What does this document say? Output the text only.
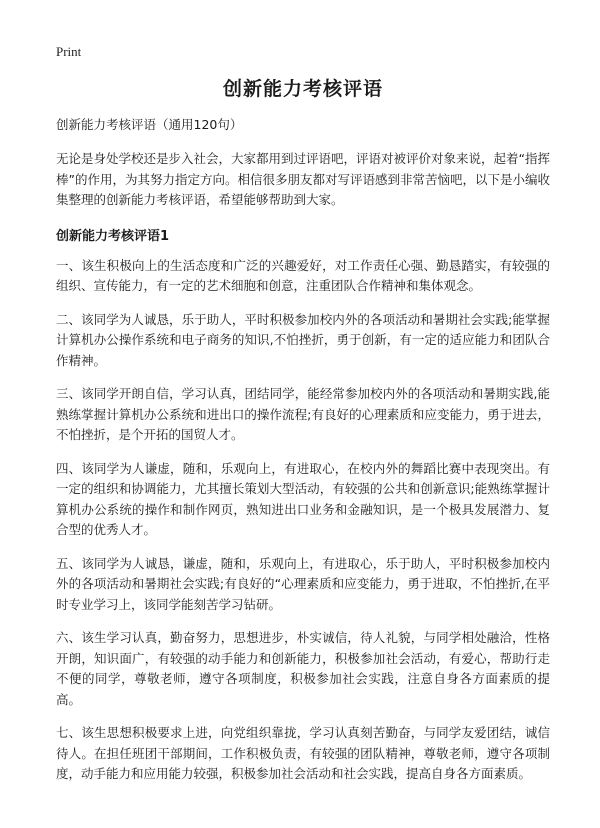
Print
创新能力考核评语
创新能力考核评语（通用120句）

无论是身处学校还是步入社会，大家都用到过评语吧，评语对被评价对象来说，起着“指挥棒”的作用，为其努力指定方向。相信很多朋友都对写评语感到非常苦恼吧，以下是小编收集整理的创新能力考核评语，希望能够帮助到大家。

创新能力考核评语1

一、该生积极向上的生活态度和广泛的兴趣爱好，对工作责任心强、勤恳踏实，有较强的组织、宣传能力，有一定的艺术细胞和创意，注重团队合作精神和集体观念。

二、该同学为人诚恳，乐于助人，平时积极参加校内外的各项活动和暑期社会实践;能掌握计算机办公操作系统和电子商务的知识,不怕挫折，勇于创新，有一定的适应能力和团队合作精神。

三、该同学开朗自信，学习认真，团结同学，能经常参加校内外的各项活动和暑期实践,能熟练掌握计算机办公系统和进出口的操作流程;有良好的心理素质和应变能力，勇于进去，不怕挫折，是个开拓的国贸人才。

四、该同学为人谦虚，随和，乐观向上，有进取心，在校内外的舞蹈比赛中表现突出。有一定的组织和协调能力，尤其擅长策划大型活动，有较强的公共和创新意识;能熟练掌握计算机办公系统的操作和制作网页，熟知进出口业务和金融知识，是一个极具发展潜力、复合型的优秀人才。

五、该同学为人诚恳，谦虚，随和，乐观向上，有进取心，乐于助人，平时积极参加校内外的各项活动和暑期社会实践;有良好的“心理素质和应变能力，勇于进取，不怕挫折,在平时专业学习上，该同学能刻苦学习钻研。

六、该生学习认真，勤奋努力，思想进步，朴实诚信，待人礼貌，与同学相处融洽，性格开朗，知识面广，有较强的动手能力和创新能力，积极参加社会活动，有爱心，帮助行走不便的同学，尊敬老师，遵守各项制度，积极参加社会实践，注意自身各方面素质的提高。

七、该生思想积极要求上进，向党组织靠拢，学习认真刻苦勤奋，与同学友爱团结，诚信待人。在担任班团干部期间，工作积极负责，有较强的团队精神，尊敬老师，遵守各项制度，动手能力和应用能力较强，积极参加社会活动和社会实践，提高自身各方面素质。
